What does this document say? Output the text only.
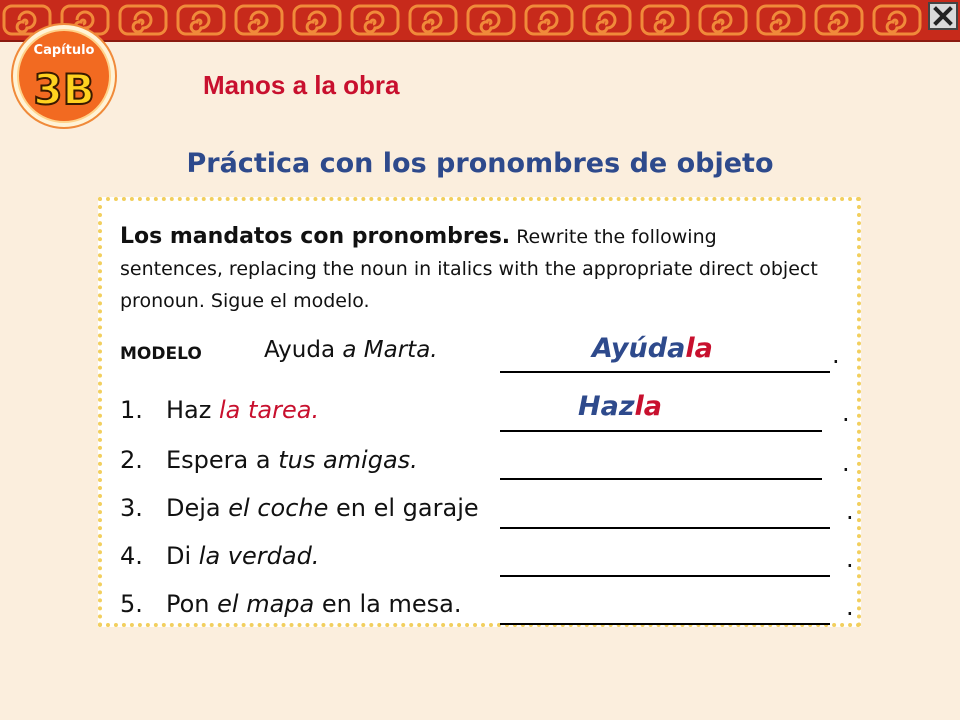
Capítulo
3B	Manos a la obra
Práctica con los pronombres de objeto
Los mandatos con pronombres. Rewrite the following sentences, replacing the noun in italics with the appropriate direct object pronoun. Sigue el modelo.
MODELO	Ayuda a Marta.	Ayúdala	.
1. Haz la tarea.	Hazla	.
2. Espera a tus amigas.	.
3. Deja el coche en el garaje	.
4. Di la verdad.	.
5. Pon el mapa en la mesa.	.
